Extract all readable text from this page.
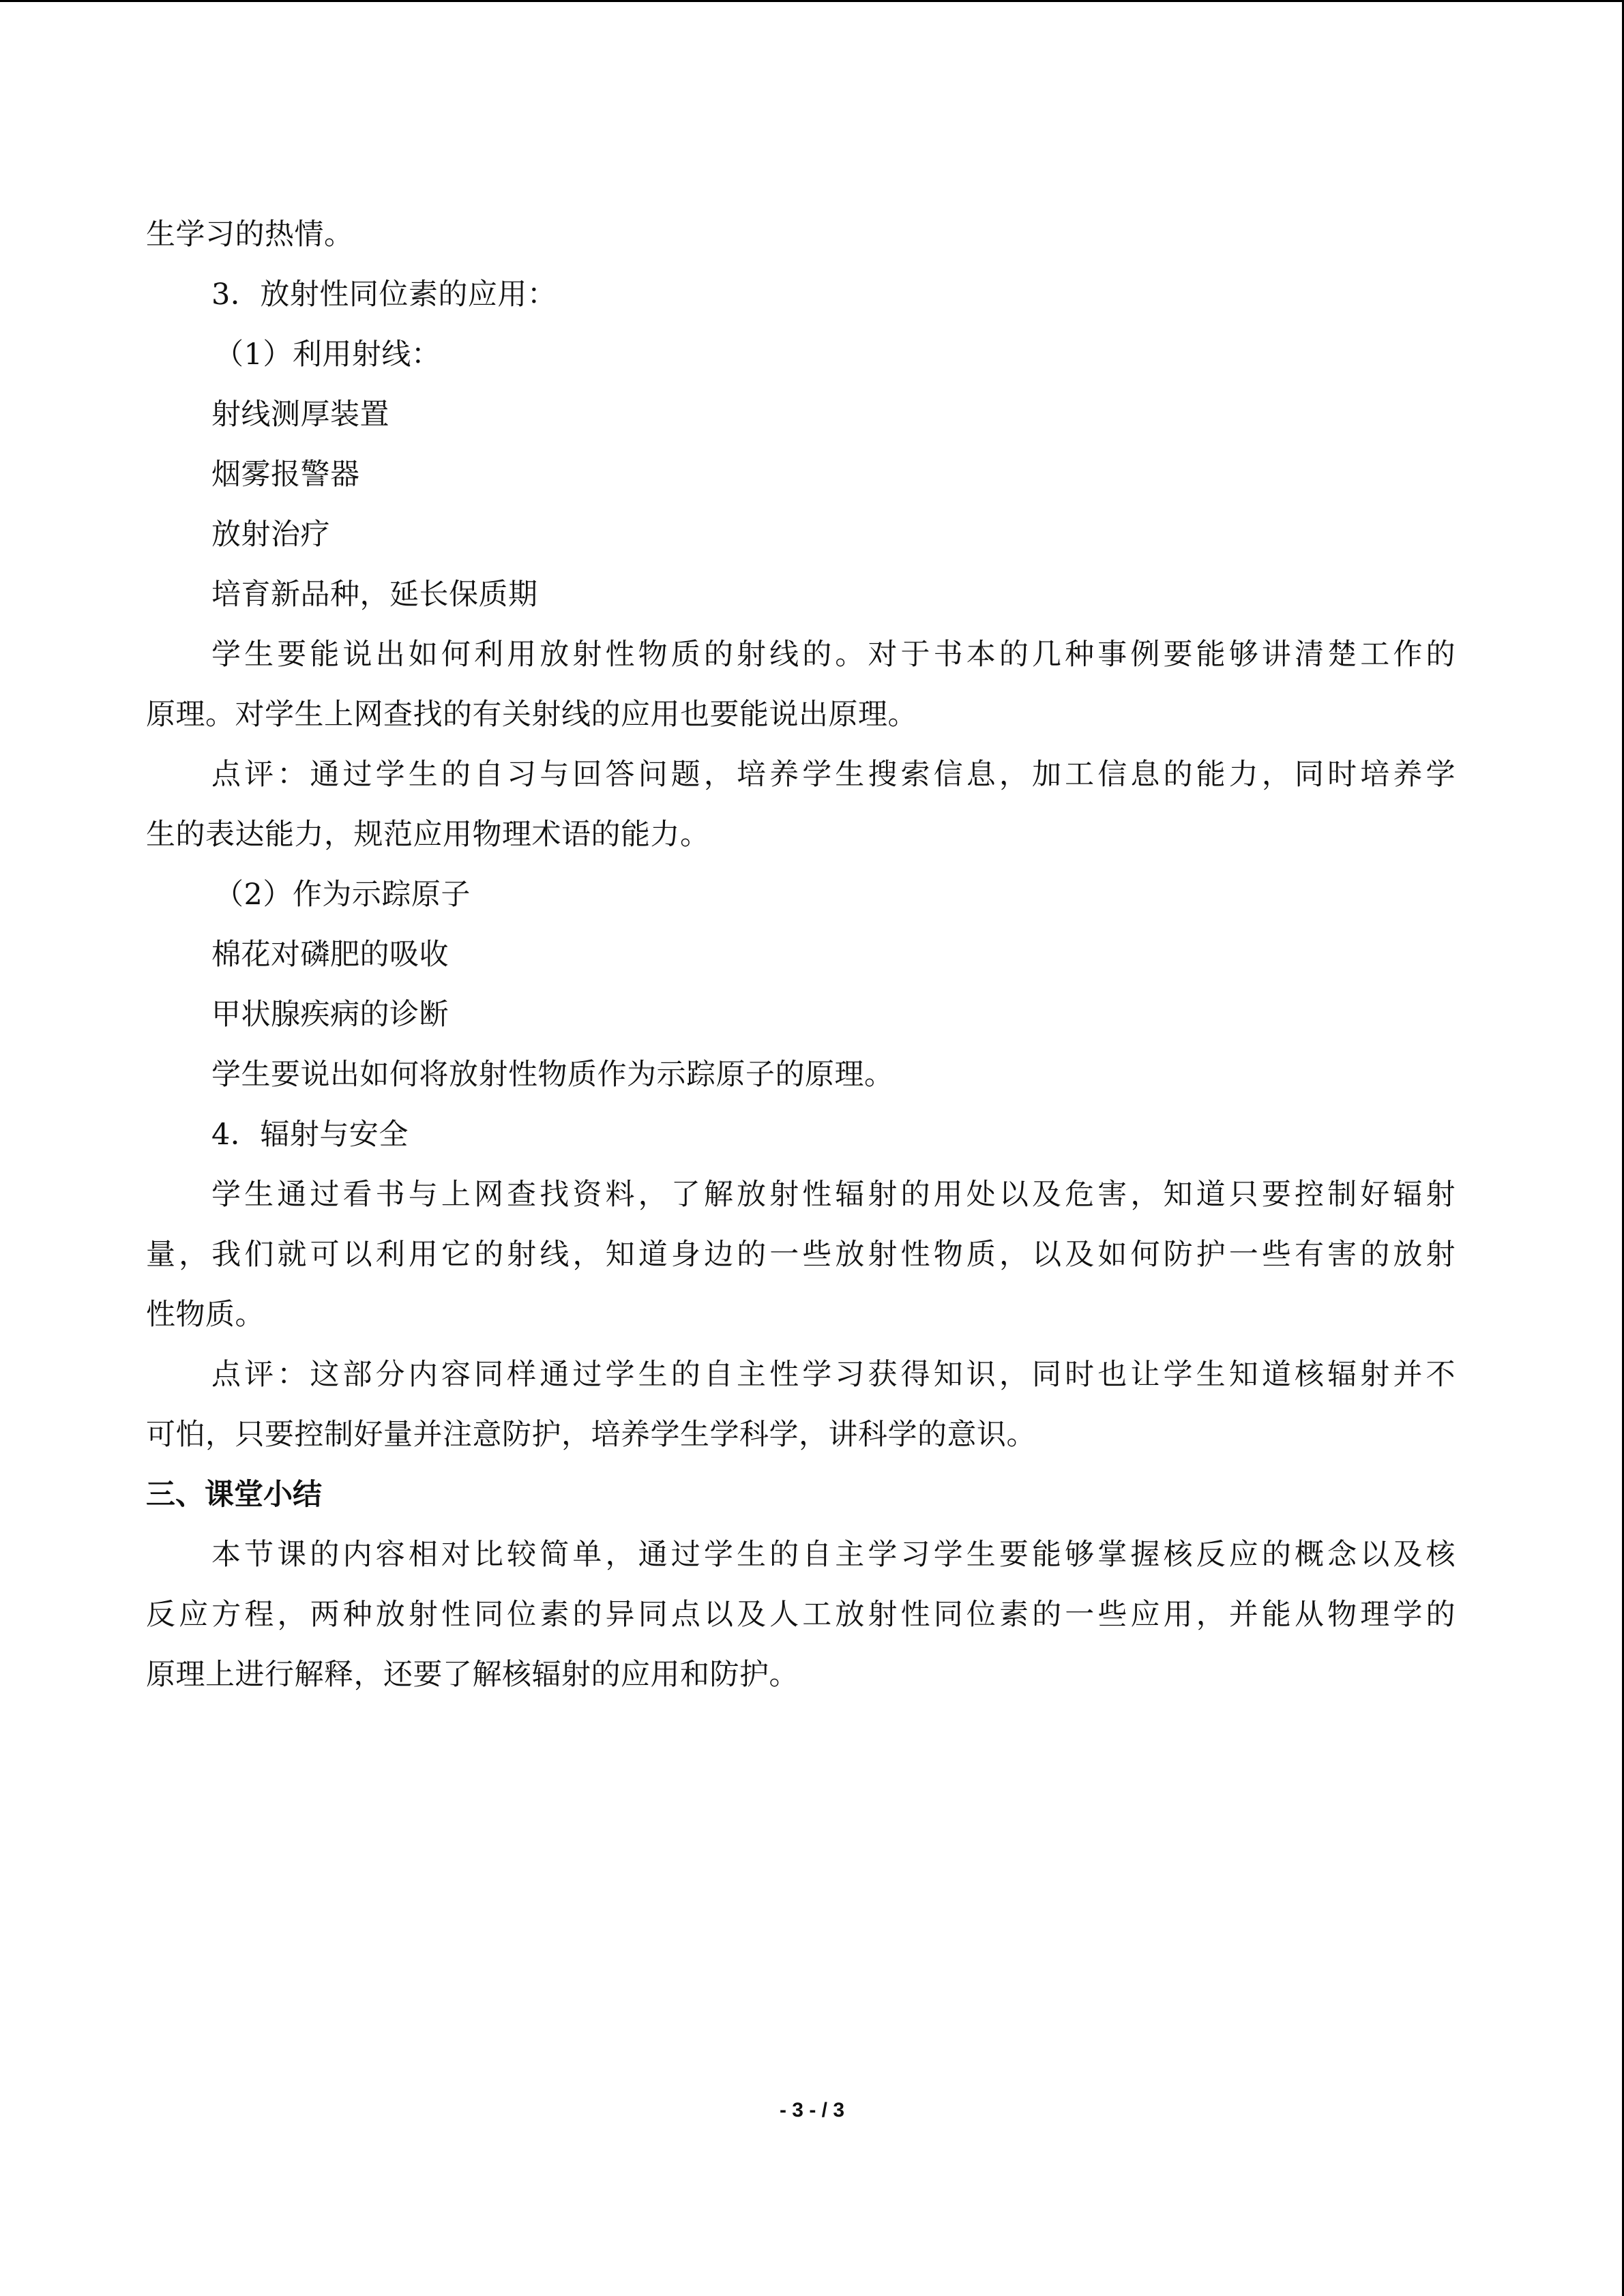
生学习的热情。
3．放射性同位素的应用：
（1）利用射线：
射线测厚装置
烟雾报警器
放射治疗
培育新品种，延长保质期
学生要能说出如何利用放射性物质的射线的。对于书本的几种事例要能够讲清楚工作的
原理。对学生上网查找的有关射线的应用也要能说出原理。
点评：通过学生的自习与回答问题，培养学生搜索信息，加工信息的能力，同时培养学
生的表达能力，规范应用物理术语的能力。
（2）作为示踪原子
棉花对磷肥的吸收
甲状腺疾病的诊断
学生要说出如何将放射性物质作为示踪原子的原理。
4．辐射与安全
学生通过看书与上网查找资料，了解放射性辐射的用处以及危害，知道只要控制好辐射
量，我们就可以利用它的射线，知道身边的一些放射性物质，以及如何防护一些有害的放射
性物质。
点评：这部分内容同样通过学生的自主性学习获得知识，同时也让学生知道核辐射并不
可怕，只要控制好量并注意防护，培养学生学科学，讲科学的意识。
三、课堂小结
本节课的内容相对比较简单，通过学生的自主学习学生要能够掌握核反应的概念以及核
反应方程，两种放射性同位素的异同点以及人工放射性同位素的一些应用，并能从物理学的
原理上进行解释，还要了解核辐射的应用和防护。
- 3 - / 3
